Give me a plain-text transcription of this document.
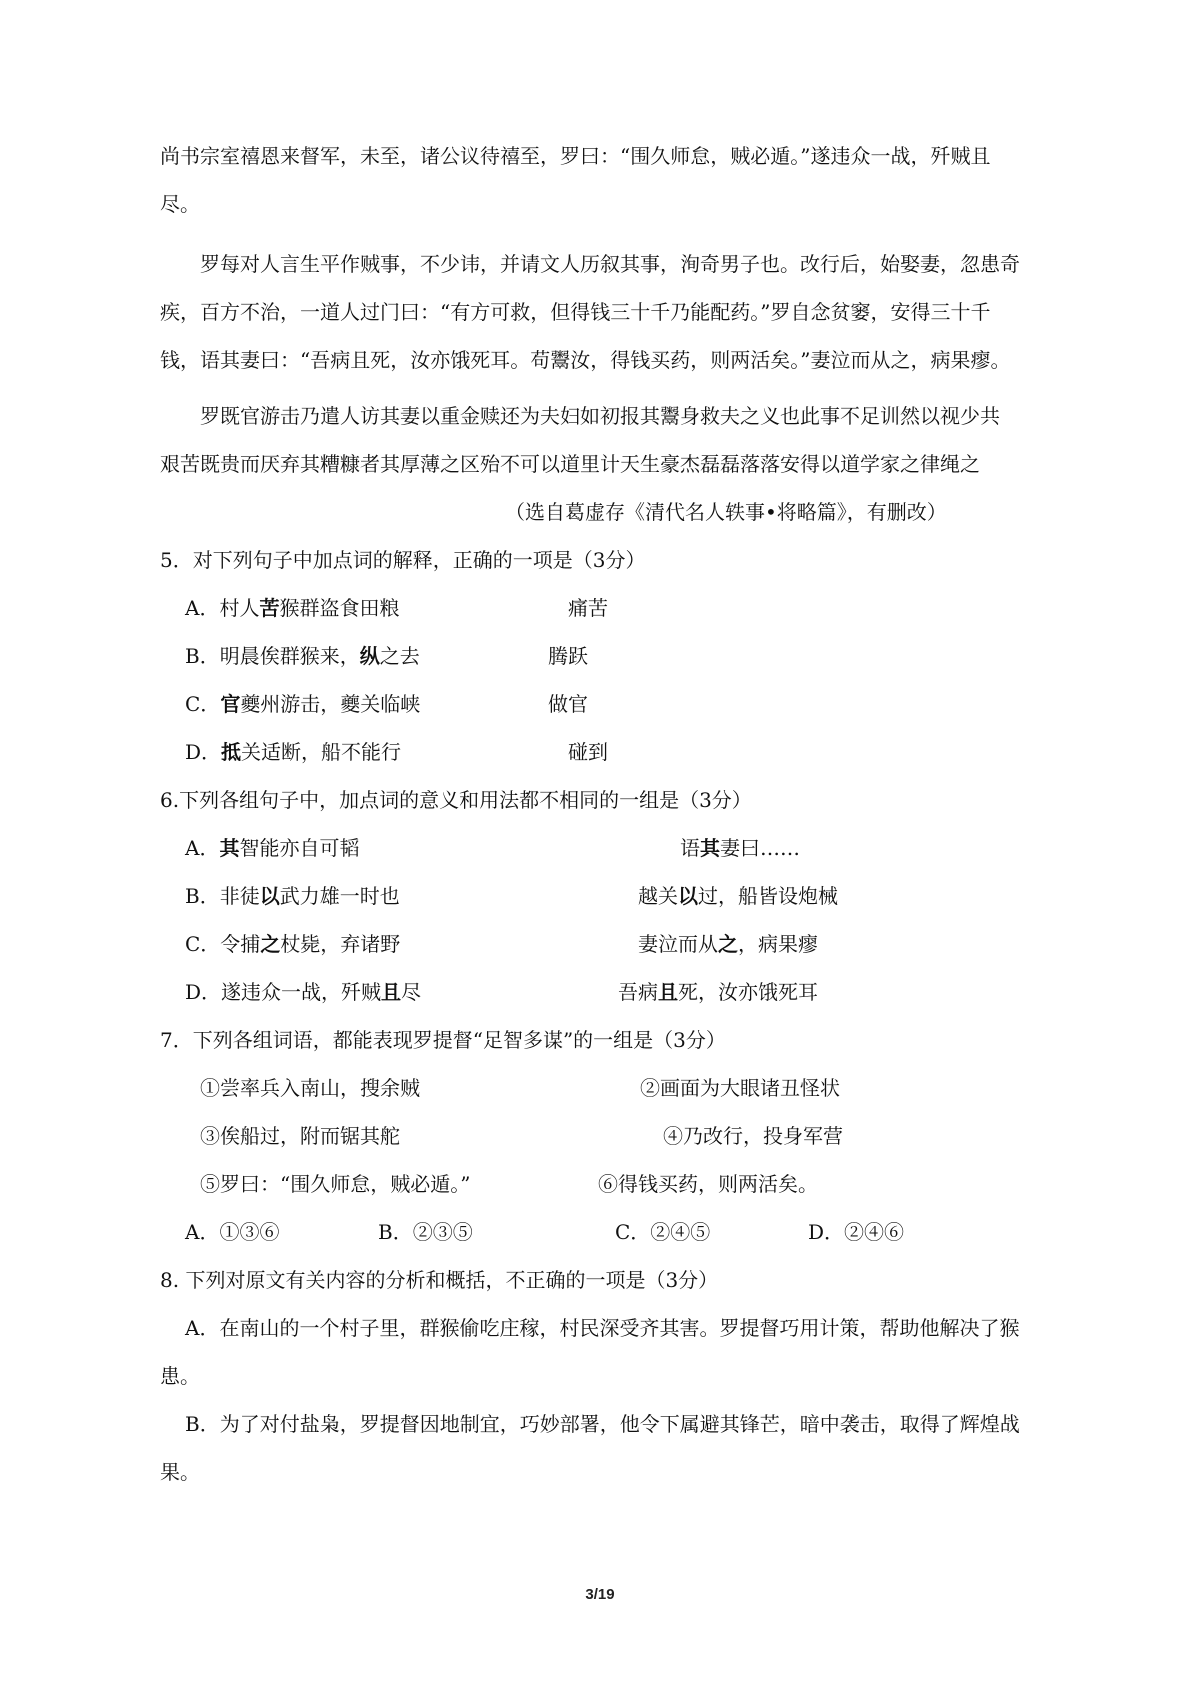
尚书宗室禧恩来督军，未至，诸公议待禧至，罗曰：“围久师怠，贼必遁。”遂违众一战，歼贼且
尽。
罗每对人言生平作贼事，不少讳，并请文人历叙其事，洵奇男子也。改行后，始娶妻，忽患奇
疾，百方不治，一道人过门曰：“有方可救，但得钱三十千乃能配药。”罗自念贫窭，安得三十千
钱，语其妻曰：“吾病且死，汝亦饿死耳。苟鬻汝，得钱买药，则两活矣。”妻泣而从之，病果瘳。
罗既官游击乃遣人访其妻以重金赎还为夫妇如初报其鬻身救夫之义也此事不足训然以视少共
艰苦既贵而厌弃其糟糠者其厚薄之区殆不可以道里计天生豪杰磊磊落落安得以道学家之律绳之
（选自葛虚存《清代名人轶事•将略篇》，有删改）
5．对下列句子中加点词的解释，正确的一项是（3分）
A．村人苦猴群盗食田粮	痛苦
B．明晨俟群猴来，纵之去	腾跃
C．官夔州游击，夔关临峡	做官
D．抵关适断，船不能行	碰到
6.下列各组句子中，加点词的意义和用法都不相同的一组是（3分）
A．其智能亦自可韬	语其妻曰……
B．非徒以武力雄一时也	越关以过，船皆设炮械
C．令捕之杖毙，弃诸野	妻泣而从之，病果瘳
D．遂违众一战，歼贼且尽	吾病且死，汝亦饿死耳
7．下列各组词语，都能表现罗提督“足智多谋”的一组是（3分）
①尝率兵入南山，搜余贼	②画面为大眼诸丑怪状
③俟船过，附而锯其舵	④乃改行，投身军营
⑤罗曰：“围久师怠，贼必遁。”	⑥得钱买药，则两活矣。
A．①③⑥	B．②③⑤	C．②④⑤	D．②④⑥
8. 下列对原文有关内容的分析和概括，不正确的一项是（3分）
A．在南山的一个村子里，群猴偷吃庄稼，村民深受齐其害。罗提督巧用计策，帮助他解决了猴
患。
B．为了对付盐枭，罗提督因地制宜，巧妙部署，他令下属避其锋芒，暗中袭击，取得了辉煌战
果。
3/19
